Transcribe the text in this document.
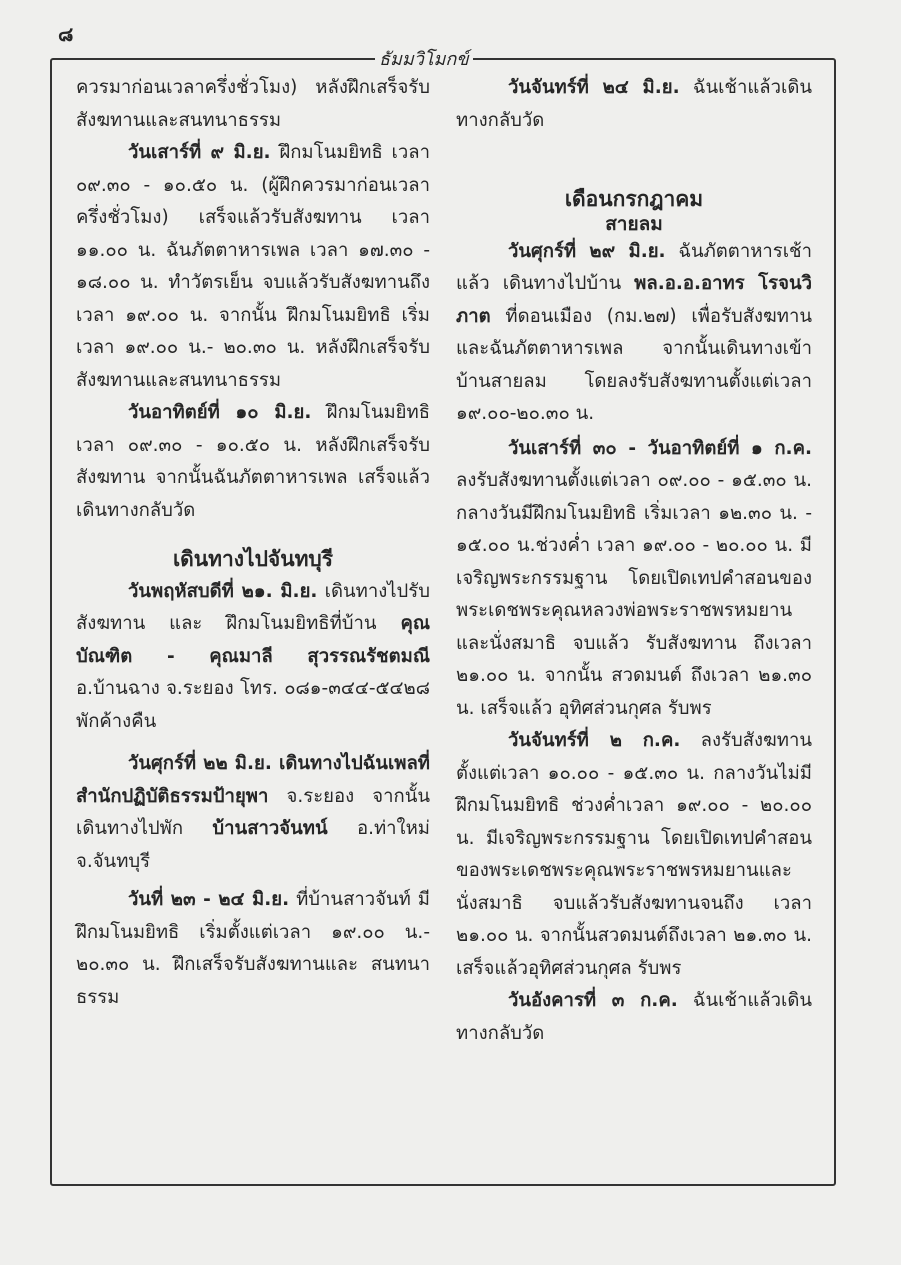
๘
ธัมมวิโมกข์

ควรมาก่อนเวลาครึ่งชั่วโมง) หลังฝึกเสร็จรับสังฆทานและสนทนาธรรม

วันเสาร์ที่ ๙ มิ.ย. ฝึกมโนมยิทธิ เวลา ๐๙.๓๐ - ๑๐.๕๐ น. (ผู้ฝึกควรมาก่อนเวลาครึ่งชั่วโมง) เสร็จแล้วรับสังฆทาน เวลา ๑๑.๐๐ น. ฉันภัตตาหารเพล เวลา ๑๗.๓๐ - ๑๘.๐๐ น. ทำวัตรเย็น จบแล้วรับสังฆทานถึงเวลา ๑๙.๐๐ น. จากนั้น ฝึกมโนมยิทธิ เริ่มเวลา ๑๙.๐๐ น.- ๒๐.๓๐ น. หลังฝึกเสร็จรับสังฆทานและสนทนาธรรม

วันอาทิตย์ที่ ๑๐ มิ.ย. ฝึกมโนมยิทธิ เวลา ๐๙.๓๐ - ๑๐.๕๐ น. หลังฝึกเสร็จรับสังฆทาน จากนั้นฉันภัตตาหารเพล เสร็จแล้วเดินทางกลับวัด

เดินทางไปจันทบุรี

วันพฤหัสบดีที่ ๒๑. มิ.ย. เดินทางไปรับสังฆทาน และ ฝึกมโนมยิทธิที่บ้าน คุณบัณฑิต - คุณมาลี สุวรรณรัชตมณี อ.บ้านฉาง จ.ระยอง โทร. ๐๘๑-๓๔๔-๕๔๒๘ พักค้างคืน

วันศุกร์ที่ ๒๒ มิ.ย. เดินทางไปฉันเพลที่สำนักปฏิบัติธรรมป้ายุพา จ.ระยอง จากนั้นเดินทางไปพัก บ้านสาวจันทน์ อ.ท่าใหม่ จ.จันทบุรี

วันที่ ๒๓ - ๒๔ มิ.ย. ที่บ้านสาวจันท์ มีฝึกมโนมยิทธิ เริ่มตั้งแต่เวลา ๑๙.๐๐ น.- ๒๐.๓๐ น. ฝึกเสร็จรับสังฆทานและ สนทนาธรรม

วันจันทร์ที่ ๒๔ มิ.ย. ฉันเช้าแล้วเดินทางกลับวัด

เดือนกรกฎาคม
สายลม

วันศุกร์ที่ ๒๙ มิ.ย. ฉันภัตตาหารเช้าแล้ว เดินทางไปบ้าน พล.อ.อ.อาทร โรจนวิภาต ที่ดอนเมือง (กม.๒๗) เพื่อรับสังฆทานและฉันภัตตาหารเพล จากนั้นเดินทางเข้าบ้านสายลม โดยลงรับสังฆทานตั้งแต่เวลา ๑๙.๐๐-๒๐.๓๐ น.

วันเสาร์ที่ ๓๐ - วันอาทิตย์ที่ ๑ ก.ค. ลงรับสังฆทานตั้งแต่เวลา ๐๙.๐๐ - ๑๕.๓๐ น. กลางวันมีฝึกมโนมยิทธิ เริ่มเวลา ๑๒.๓๐ น. - ๑๕.๐๐ น.ช่วงค่ำ เวลา ๑๙.๐๐ - ๒๐.๐๐ น. มีเจริญพระกรรมฐาน โดยเปิดเทปคำสอนของพระเดชพระคุณหลวงพ่อพระราชพรหมยาน และนั่งสมาธิ จบแล้ว รับสังฆทาน ถึงเวลา ๒๑.๐๐ น. จากนั้น สวดมนต์ ถึงเวลา ๒๑.๓๐ น. เสร็จแล้ว อุทิศส่วนกุศล รับพร

วันจันทร์ที่ ๒ ก.ค. ลงรับสังฆทาน ตั้งแต่เวลา ๑๐.๐๐ - ๑๕.๓๐ น. กลางวันไม่มีฝึกมโนมยิทธิ ช่วงค่ำเวลา ๑๙.๐๐ - ๒๐.๐๐ น. มีเจริญพระกรรมฐาน โดยเปิดเทปคำสอนของพระเดชพระคุณพระราชพรหมยานและนั่งสมาธิ จบแล้วรับสังฆทานจนถึง เวลา ๒๑.๐๐ น. จากนั้นสวดมนต์ถึงเวลา ๒๑.๓๐ น. เสร็จแล้วอุทิศส่วนกุศล รับพร

วันอังคารที่ ๓ ก.ค. ฉันเช้าแล้วเดินทางกลับวัด
